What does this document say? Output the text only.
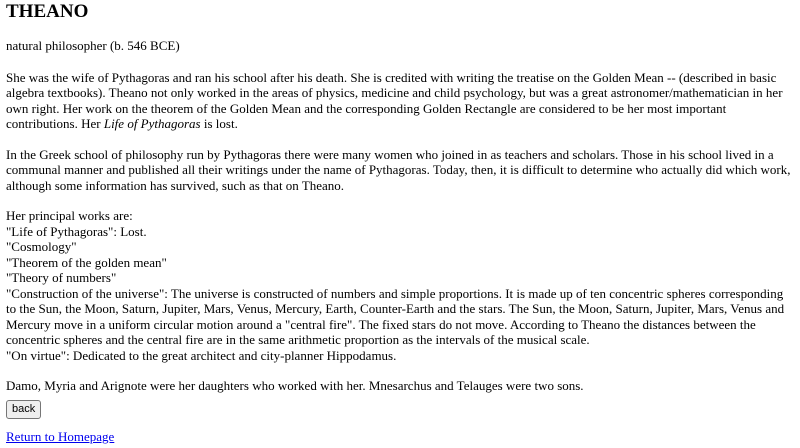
THEANO

natural philosopher (b. 546 BCE)

She was the wife of Pythagoras and ran his school after his death. She is credited with writing the treatise on the Golden Mean -- (described in basic algebra textbooks). Theano not only worked in the areas of physics, medicine and child psychology, but was a great astronomer/mathematician in her own right. Her work on the theorem of the Golden Mean and the corresponding Golden Rectangle are considered to be her most important contributions. Her Life of Pythagoras is lost.

In the Greek school of philosophy run by Pythagoras there were many women who joined in as teachers and scholars. Those in his school lived in a communal manner and published all their writings under the name of Pythagoras. Today, then, it is difficult to determine who actually did which work, although some information has survived, such as that on Theano.

Her principal works are:
"Life of Pythagoras": Lost.
"Cosmology"
"Theorem of the golden mean"
"Theory of numbers"
"Construction of the universe": The universe is constructed of numbers and simple proportions. It is made up of ten concentric spheres corresponding to the Sun, the Moon, Saturn, Jupiter, Mars, Venus, Mercury, Earth, Counter-Earth and the stars. The Sun, the Moon, Saturn, Jupiter, Mars, Venus and Mercury move in a uniform circular motion around a "central fire". The fixed stars do not move. According to Theano the distances between the concentric spheres and the central fire are in the same arithmetic proportion as the intervals of the musical scale.
"On virtue": Dedicated to the great architect and city-planner Hippodamus.

Damo, Myria and Arignote were her daughters who worked with her. Mnesarchus and Telauges were two sons.

back
Return to Homepage
